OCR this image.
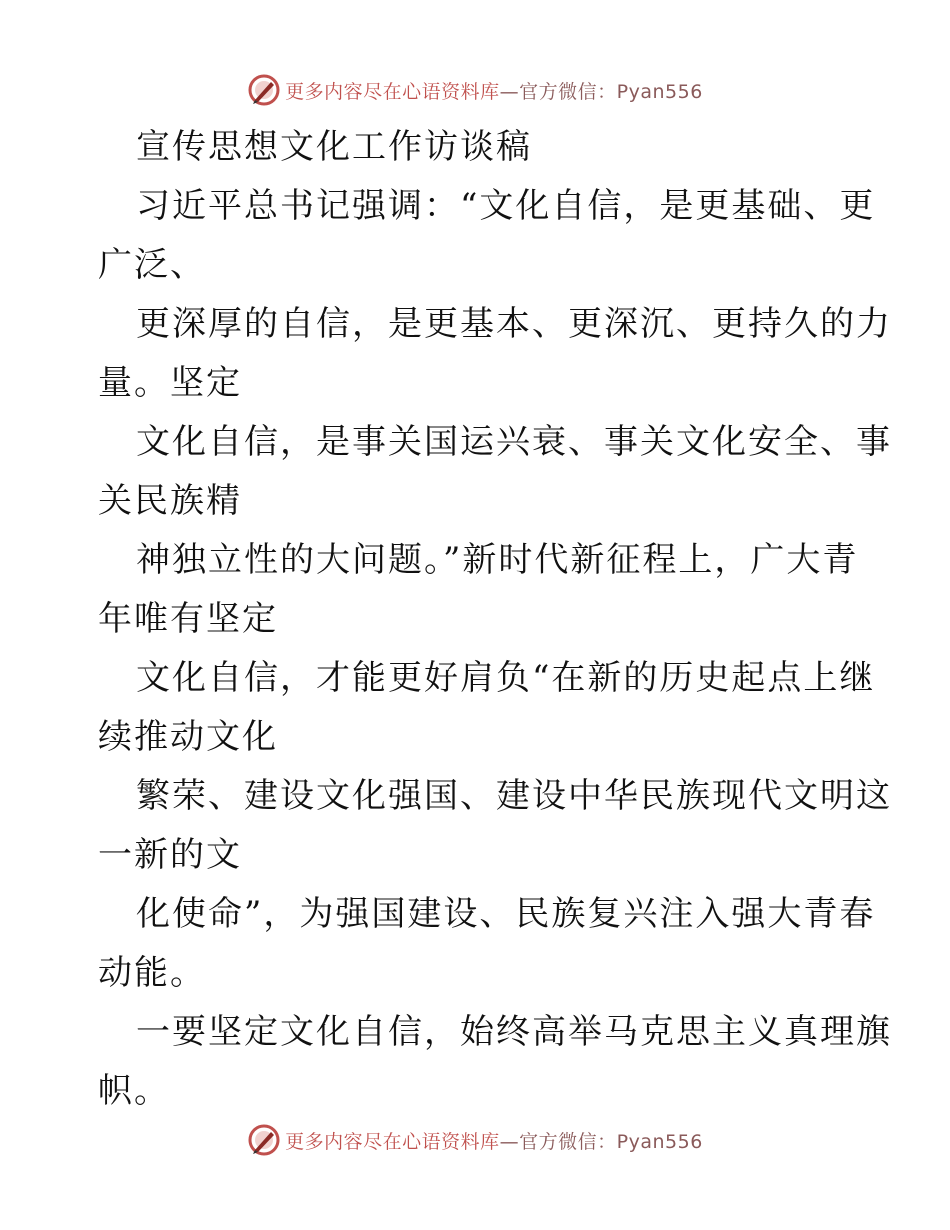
更多内容尽在心语资料库 —官方微信：Pyan556
宣传思想文化工作访谈稿
习近平总书记强调：“文化自信，是更基础、更
广泛、
更深厚的自信，是更基本、更深沉、更持久的力
量。坚定
文化自信，是事关国运兴衰、事关文化安全、事
关民族精
神独立性的大问题。”新时代新征程上，广大青
年唯有坚定
文化自信，才能更好肩负“在新的历史起点上继
续推动文化
繁荣、建设文化强国、建设中华民族现代文明这
一新的文
化使命”，为强国建设、民族复兴注入强大青春
动能。
一要坚定文化自信，始终高举马克思主义真理旗
帜。
更多内容尽在心语资料库 —官方微信：Pyan556
